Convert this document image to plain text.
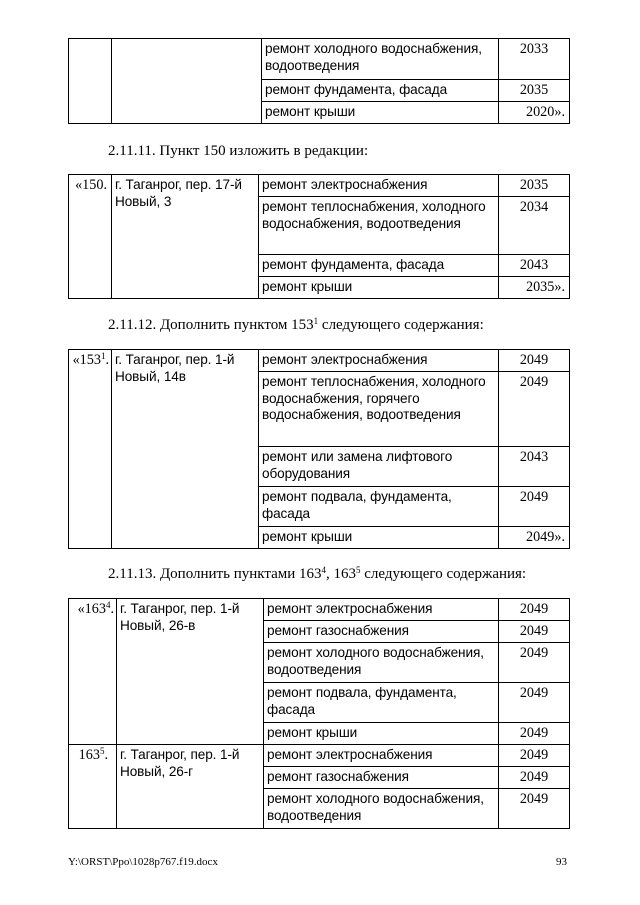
		ремонт холодного водоснабжения, водоотведения	2033
		ремонт фундамента, фасада	2035
		ремонт крыши	2020».
2.11.11. Пункт 150 изложить в редакции:
«150.	г. Таганрог, пер. 17-й Новый, 3	ремонт электроснабжения	2035
		ремонт теплоснабжения, холодного водоснабжения, водоотведения	2034
		ремонт фундамента, фасада	2043
		ремонт крыши	2035».
2.11.12. Дополнить пунктом $153^1$ следующего содержания:
«$153^1$.	г. Таганрог, пер. 1-й Новый, 14в	ремонт электроснабжения	2049
		ремонт теплоснабжения, холодного водоснабжения, горячего водоснабжения, водоотведения	2049
		ремонт или замена лифтового оборудования	2043
		ремонт подвала, фундамента, фасада	2049
		ремонт крыши	2049».
2.11.13. Дополнить пунктами $163^4$, $163^5$ следующего содержания:
«$163^4$.	г. Таганрог, пер. 1-й Новый, 26-в	ремонт электроснабжения	2049
		ремонт газоснабжения	2049
		ремонт холодного водоснабжения, водоотведения	2049
		ремонт подвала, фундамента, фасада	2049
		ремонт крыши	2049
$163^5$.	г. Таганрог, пер. 1-й Новый, 26-г	ремонт электроснабжения	2049
		ремонт газоснабжения	2049
		ремонт холодного водоснабжения, водоотведения	2049
Y:\ORST\Ppo\1028p767.f19.docx	93
